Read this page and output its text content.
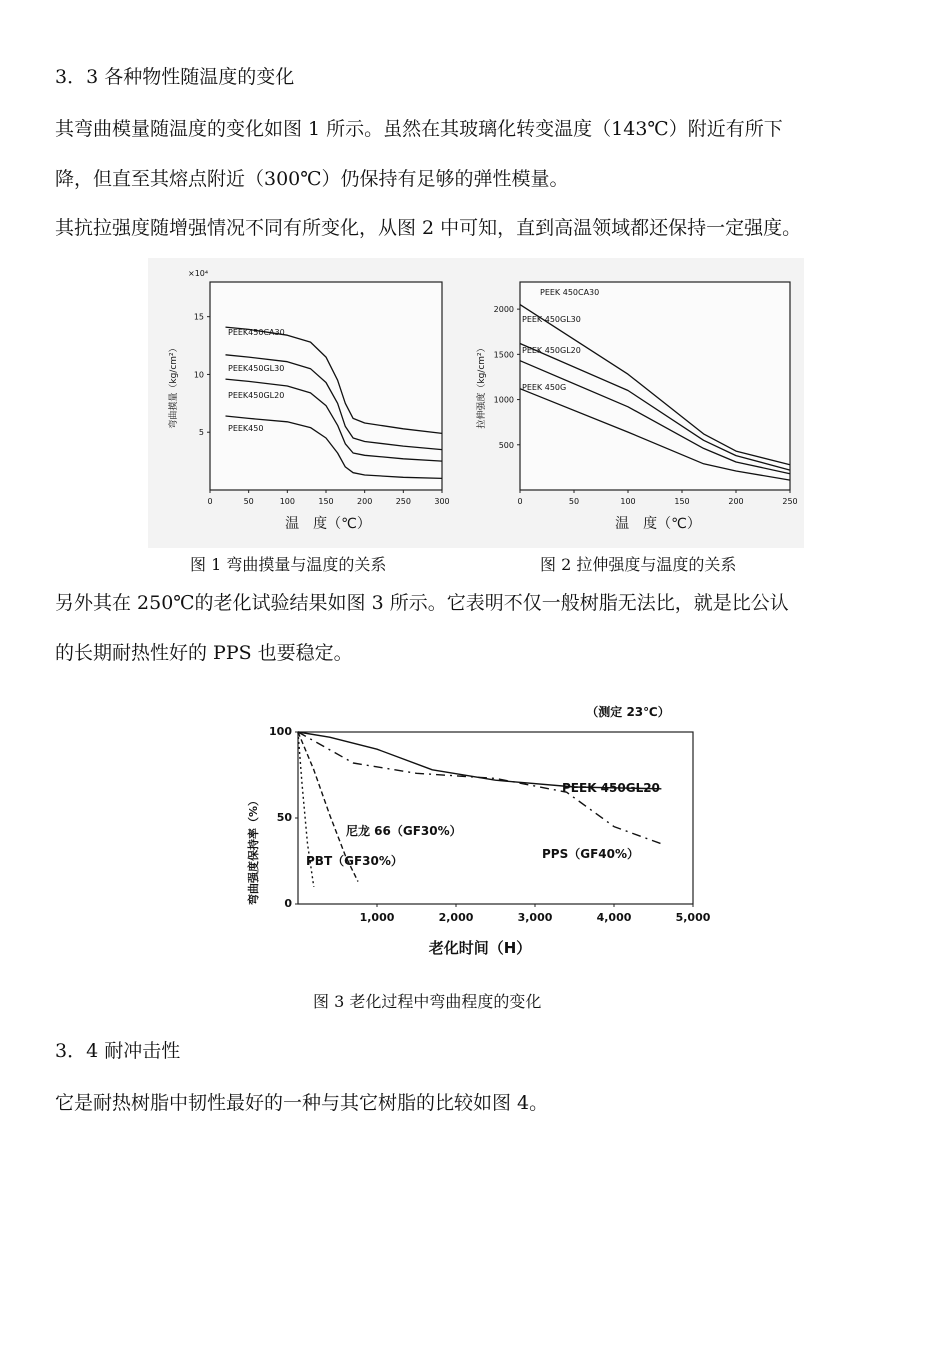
3．3 各种物性随温度的变化
其弯曲模量随温度的变化如图 1 所示。虽然在其玻璃化转变温度（143℃）附近有所下
降，但直至其熔点附近（300℃）仍保持有足够的弹性模量。
其抗拉强度随增强情况不同有所变化，从图 2 中可知，直到高温领域都还保持一定强度。
×10⁴
弯曲摸量（kg/cm²）
温　度（℃）
0	50	100	150	200	250	300
5
10
15
PEEK450CA30
PEEK450GL30
PEEK450GL20
PEEK450	拉伸强度（kg/cm²）
温　度（℃）
0	50	100	150	200	250
500
1000
1500
2000
PEEK 450CA30
PEEK 450GL30
PEEK 450GL20
PEEK 450G
图 1 弯曲摸量与温度的关系	图 2 拉伸强度与温度的关系
另外其在 250℃的老化试验结果如图 3 所示。它表明不仅一般树脂无法比，就是比公认
的长期耐热性好的 PPS 也要稳定。
（测定 23℃）
弯曲强度保持率（%）
老化时间（H）
1,000	2,000	3,000	4,000	5,000
0
50
100
PEEK 450GL20
PPS（GF40%）
尼龙 66（GF30%）
PBT（GF30%）
图 3 老化过程中弯曲程度的变化
3．4 耐冲击性
它是耐热树脂中韧性最好的一种与其它树脂的比较如图 4。
